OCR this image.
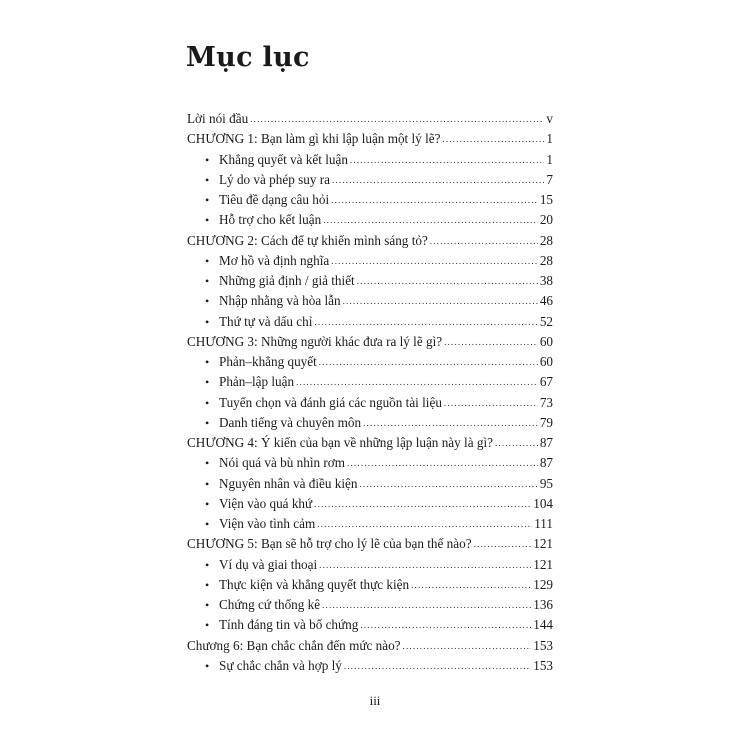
Mục lục
Lời nói đầu .....	v
CHƯƠNG 1: Bạn làm gì khi lập luận một lý lẽ? .....	1
• Khẳng quyết và kết luận .....	1
• Lý do và phép suy ra .....	7
• Tiêu đề dạng câu hỏi .....	15
• Hỗ trợ cho kết luận .....	20
CHƯƠNG 2: Cách để tự khiến mình sáng tỏ? .....	28
• Mơ hồ và định nghĩa .....	28
• Những giả định / giả thiết .....	38
• Nhập nhằng và hòa lẫn .....	46
• Thứ tự và dấu chỉ .....	52
CHƯƠNG 3: Những người khác đưa ra lý lẽ gì? .....	60
• Phản–khẳng quyết .....	60
• Phản–lập luận .....	67
• Tuyển chọn và đánh giá các nguồn tài liệu .....	73
• Danh tiếng và chuyên môn .....	79
CHƯƠNG 4: Ý kiến của bạn về những lập luận này là gì? .....	87
• Nói quá và bù nhìn rơm .....	87
• Nguyên nhân và điều kiện .....	95
• Viện vào quá khứ .....	104
• Viện vào tình cảm .....	111
CHƯƠNG 5: Bạn sẽ hỗ trợ cho lý lẽ của bạn thế nào? .....	121
• Ví dụ và giai thoại .....	121
• Thực kiện và khẳng quyết thực kiện .....	129
• Chứng cứ thống kê .....	136
• Tính đáng tin và bổ chứng .....	144
Chương 6: Bạn chắc chắn đến mức nào? .....	153
• Sự chắc chắn và hợp lý .....	153
iii
